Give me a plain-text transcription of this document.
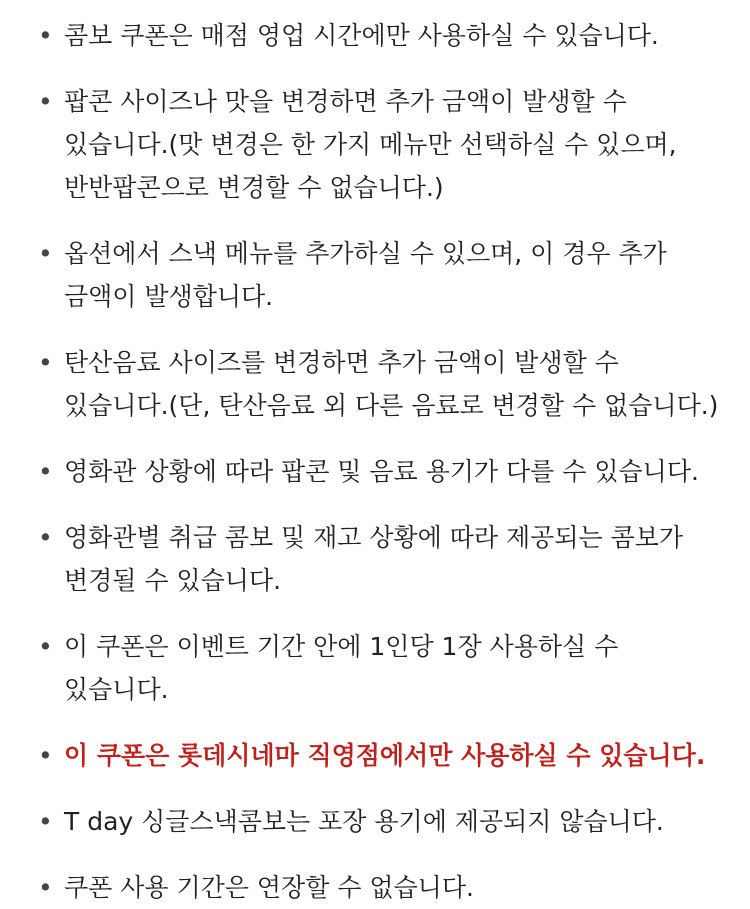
• 콤보 쿠폰은 매점 영업 시간에만 사용하실 수 있습니다.
• 팝콘 사이즈나 맛을 변경하면 추가 금액이 발생할 수 있습니다.(맛 변경은 한 가지 메뉴만 선택하실 수 있으며, 반반팝콘으로 변경할 수 없습니다.)
• 옵션에서 스낵 메뉴를 추가하실 수 있으며, 이 경우 추가 금액이 발생합니다.
• 탄산음료 사이즈를 변경하면 추가 금액이 발생할 수 있습니다.(단, 탄산음료 외 다른 음료로 변경할 수 없습니다.)
• 영화관 상황에 따라 팝콘 및 음료 용기가 다를 수 있습니다.
• 영화관별 취급 콤보 및 재고 상황에 따라 제공되는 콤보가 변경될 수 있습니다.
• 이 쿠폰은 이벤트 기간 안에 1인당 1장 사용하실 수 있습니다.
• 이 쿠폰은 롯데시네마 직영점에서만 사용하실 수 있습니다.
• T day 싱글스낵콤보는 포장 용기에 제공되지 않습니다.
• 쿠폰 사용 기간은 연장할 수 없습니다.
